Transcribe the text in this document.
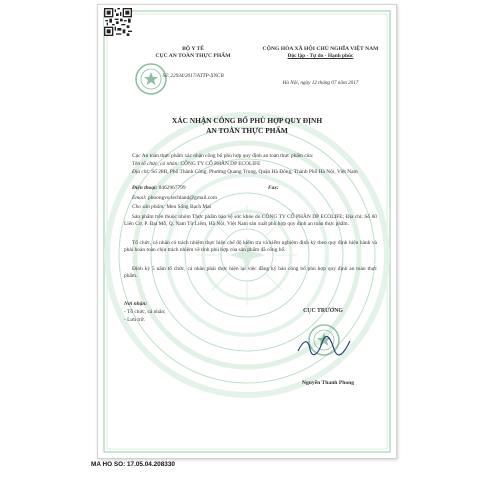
BỘ Y TẾ
CỤC AN TOÀN THỰC PHẨM
Số: 22934/2017/ATTP-XNCB
CỘNG HÒA XÃ HỘI CHỦ NGHĨA VIỆT NAM
Độc lập - Tự do - Hạnh phúc
Hà Nội, ngày 12 tháng 07 năm 2017
XÁC NHẬN CÔNG BỐ PHÙ HỢP QUY ĐỊNH
AN TOÀN THỰC PHẨM
Cục An toàn thực phẩm xác nhận công bố phù hợp quy định an toàn thực phẩm của:
Tên tổ chức, cá nhân: CÔNG TY CỔ PHẦN DP ECOLIFE
Địa chỉ: Số 28B, Phố Thành Công, Phường Quang Trung, Quận Hà Đông, Thành Phố Hà Nội, Việt Nam
Điện thoại: 0462967799	Fax:
Email: phuongvu.techland@gmail.com
Cho sản phẩm: Men Sống Bạch Mai
Sản phẩm trên thuộc nhóm Thực phẩm bảo vệ sức khỏe do CÔNG TY CỔ PHẦN DP ECOLIFE; Địa chỉ: Số 60 Liên Cơ, P. Đại Mỗ, Q. Nam Từ Liêm, Hà Nội, Việt Nam sản xuất phù hợp quy định an toàn thực phẩm.
Tổ chức, cá nhân có trách nhiệm thực hiện chế độ kiểm tra và kiểm nghiệm định kỳ theo quy định hiện hành và phải hoàn toàn chịu trách nhiệm về tính phù hợp của sản phẩm đã công bố.
Định kỳ 5 năm tổ chức, cá nhân phải thực hiện lại việc đăng ký bản công bố phù hợp quy định an toàn thực phẩm.
Nơi nhận:
- Tổ chức, cá nhân;
- Lưu trữ.
CỤC TRƯỞNG
Nguyễn Thanh Phong
MA HO SO: 17.05.04.208330
